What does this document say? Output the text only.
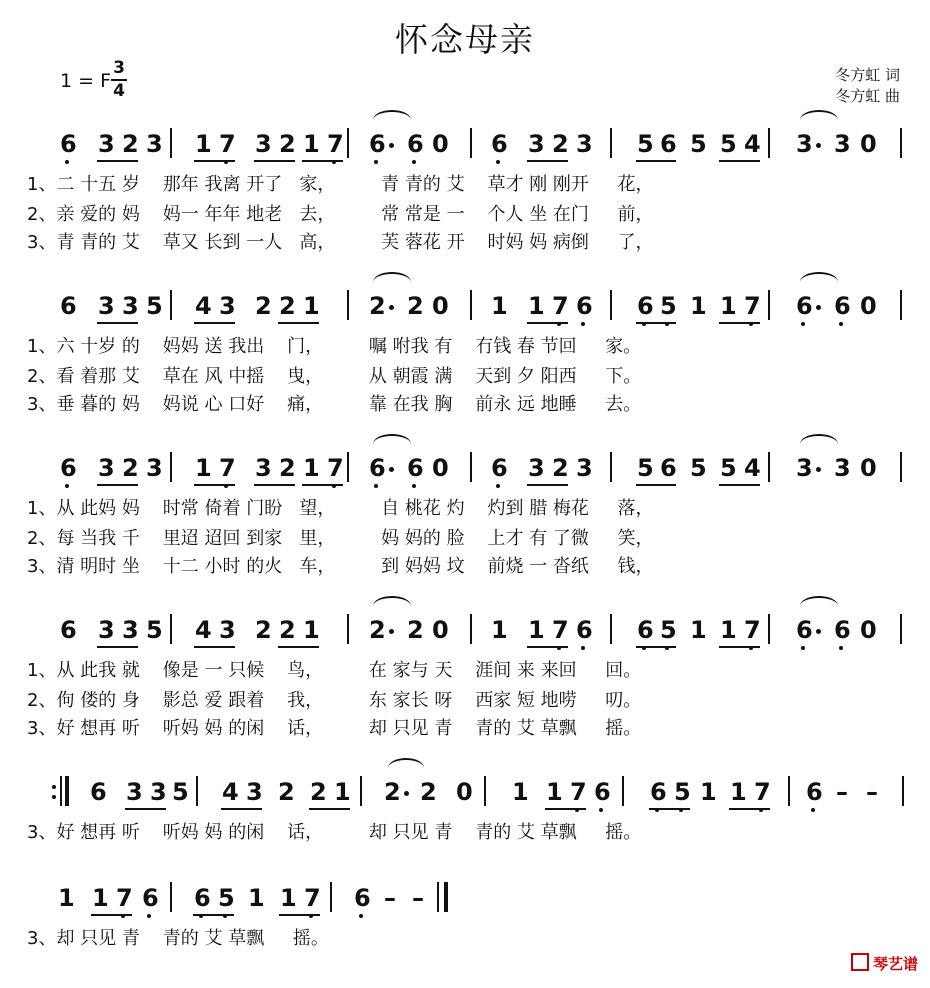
怀念母亲
1 = F
3
4
冬方虹 词
冬方虹 曲
6 3 2 3 1 7 3 2 1 7 6 6 0 6 3 2 3 5 6 5 5 4 3 3 0
1、二 十五 岁    那年 我离 开了   家，        青 青的 艾    草才 刚 刚开     花，
2、亲 爱的 妈    妈一 年年 地老   去，        常 常是 一    个人 坐 在门     前，
3、青 青的 艾    草又 长到 一人   高，        芙 蓉花 开    时妈 妈 病倒     了，
6 3 3 5 4 3 2 2 1 2 2 0 1 1 7 6 6 5 1 1 7 6 6 0
1、六 十岁 的    妈妈 送 我出    门，        嘱 咐我 有    冇钱 春 节回     家。
2、看 着那 艾    草在 风 中摇    曳，        从 朝霞 满    天到 夕 阳西     下。
3、垂 暮的 妈    妈说 心 口好    痛，        靠 在我 胸    前永 远 地睡     去。
6 3 2 3 1 7 3 2 1 7 6 6 0 6 3 2 3 5 6 5 5 4 3 3 0
1、从 此妈 妈    时常 倚着 门盼   望，        自 桃花 灼    灼到 腊 梅花     落，
2、每 当我 千    里迢 迢回 到家   里，        妈 妈的 脸    上才 有 了微     笑，
3、清 明时 坐    十二 小时 的火   车，        到 妈妈 坟    前烧 一 沓纸     钱，
6 3 3 5 4 3 2 2 1 2 2 0 1 1 7 6 6 5 1 1 7 6 6 0
1、从 此我 就    像是 一 只候    鸟，        在 家与 天    涯间 来 来回     回。
2、佝 偻的 身    影总 爱 跟着    我，        东 家长 呀    西家 短 地唠     叨。
3、好 想再 听    听妈 妈 的闲    话，        却 只见 青    青的 艾 草飘     摇。
6 3 3 5 4 3 2 2 1 2 2 0 1 1 7 6 6 5 1 1 7 6 – –
3、好 想再 听    听妈 妈 的闲    话，        却 只见 青    青的 艾 草飘     摇。
1 1 7 6 6 5 1 1 7 6 – –
3、却 只见 青    青的 艾 草飘     摇。
琴艺谱
